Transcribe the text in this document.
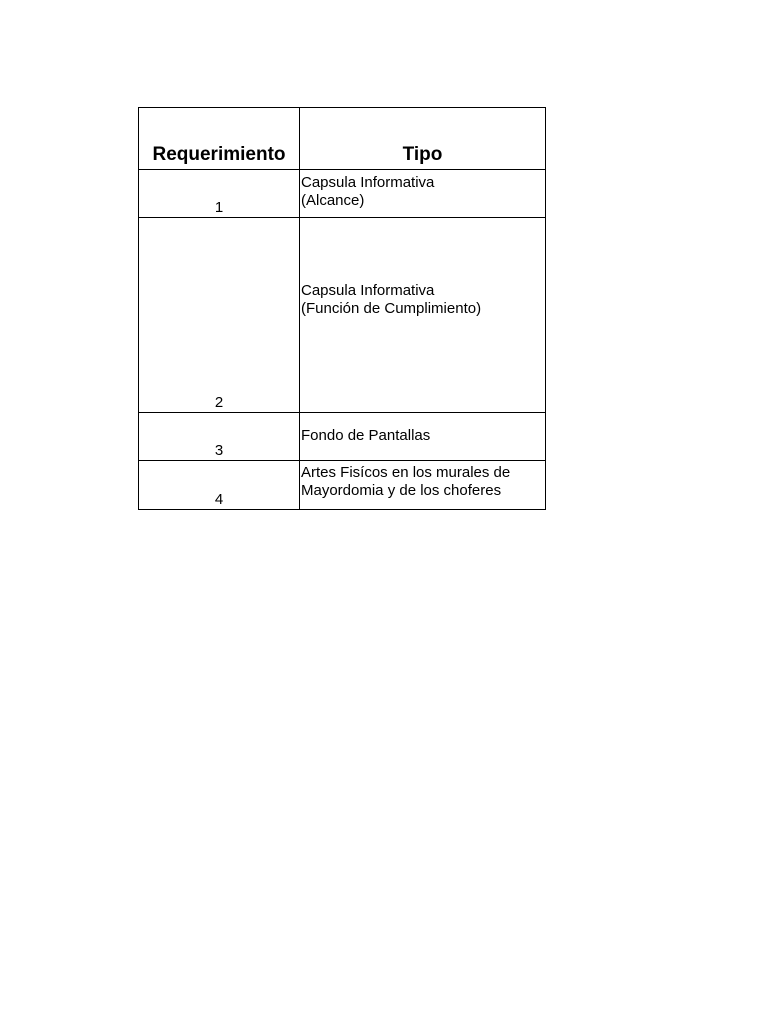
Requerimiento	Tipo
1	Capsula Informativa
(Alcance)

2	Capsula Informativa
(Función de Cumplimiento)

3	Fondo de Pantallas

4	Artes Fisícos en los murales de
Mayordomia y de los choferes
